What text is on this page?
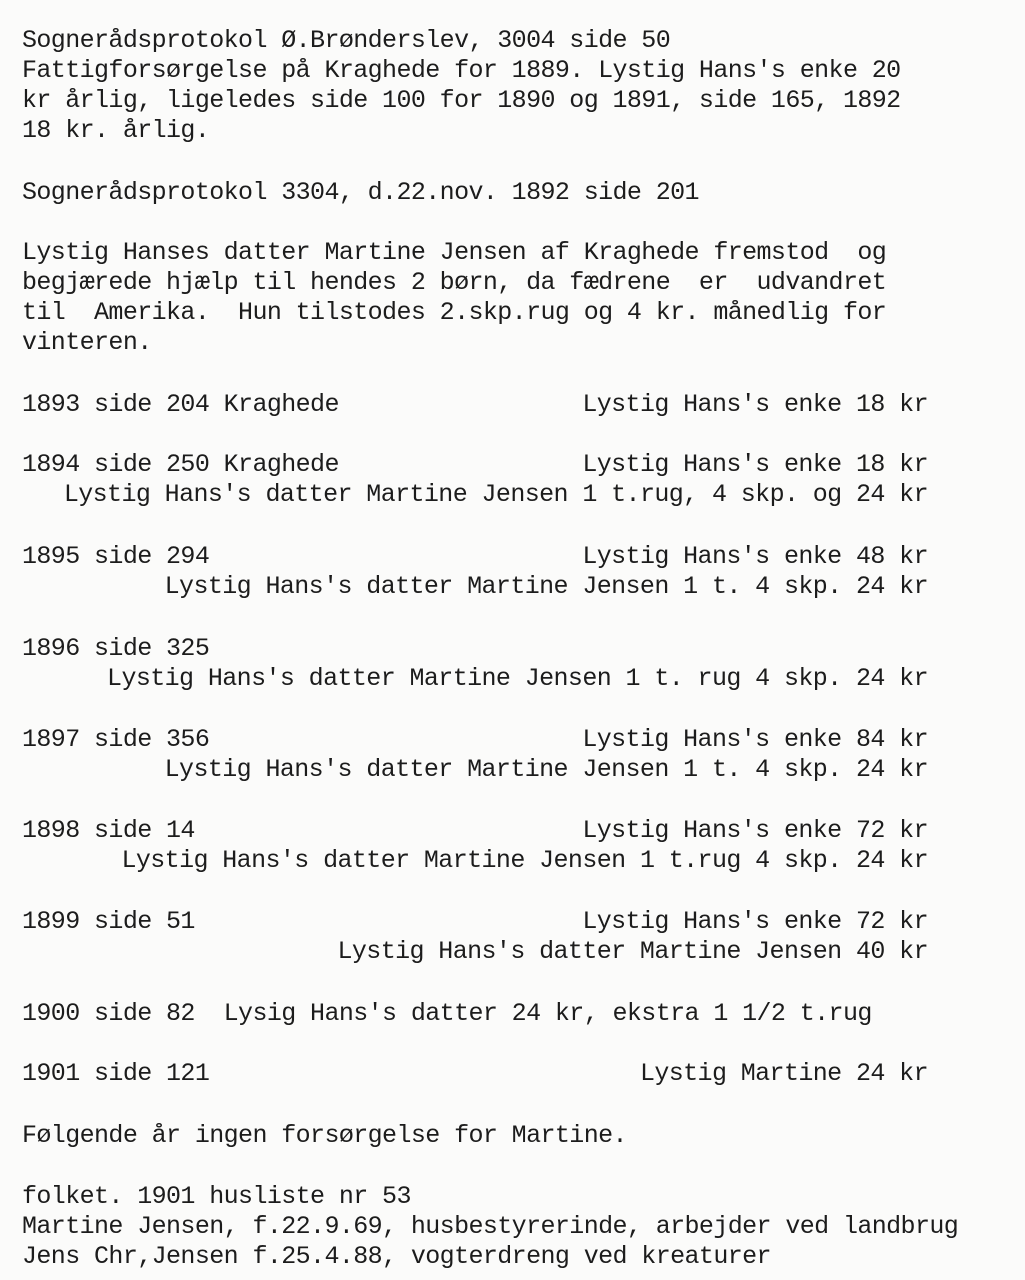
Sognerådsprotokol Ø.Brønderslev, 3004 side 50
Fattigforsørgelse på Kraghede for 1889. Lystig Hans's enke 20
kr årlig, ligeledes side 100 for 1890 og 1891, side 165, 1892
18 kr. årlig.
Sognerådsprotokol 3304, d.22.nov. 1892 side 201
Lystig Hanses datter Martine Jensen af Kraghede fremstod  og
begjærede hjælp til hendes 2 børn, da fædrene  er  udvandret
til  Amerika.  Hun tilstodes 2.skp.rug og 4 kr. månedlig for
vinteren.
1893 side 204 Kraghede	Lystig Hans's enke 18 kr
1894 side 250 Kraghede	Lystig Hans's enke 18 kr
Lystig Hans's datter Martine Jensen 1 t.rug, 4 skp. og 24 kr
1895 side 294	Lystig Hans's enke 48 kr
Lystig Hans's datter Martine Jensen 1 t. 4 skp. 24 kr
1896 side 325
Lystig Hans's datter Martine Jensen 1 t. rug 4 skp. 24 kr
1897 side 356	Lystig Hans's enke 84 kr
Lystig Hans's datter Martine Jensen 1 t. 4 skp. 24 kr
1898 side 14	Lystig Hans's enke 72 kr
Lystig Hans's datter Martine Jensen 1 t.rug 4 skp. 24 kr
1899 side 51	Lystig Hans's enke 72 kr
Lystig Hans's datter Martine Jensen 40 kr
1900 side 82  Lysig Hans's datter 24 kr, ekstra 1 1/2 t.rug
1901 side 121	Lystig Martine 24 kr
Følgende år ingen forsørgelse for Martine.
folket. 1901 husliste nr 53
Martine Jensen, f.22.9.69, husbestyrerinde, arbejder ved landbrug
Jens Chr,Jensen f.25.4.88, vogterdreng ved kreaturer
